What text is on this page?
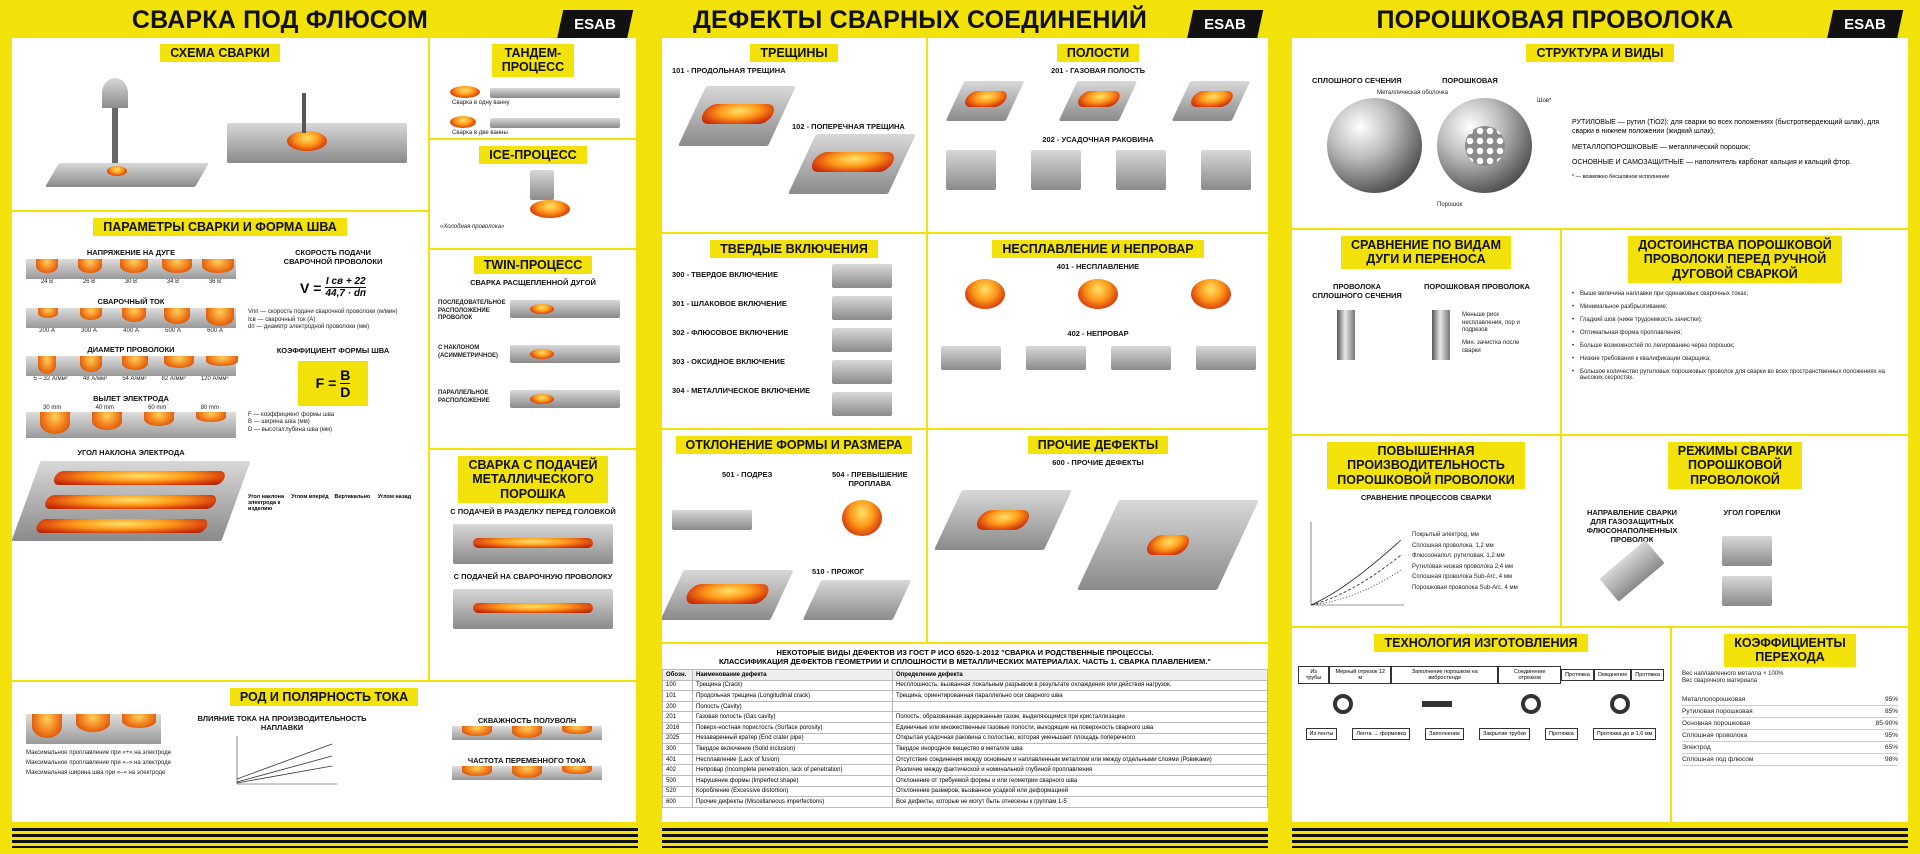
СВАРКА ПОД ФЛЮСОМ	ESAB
СХЕМА СВАРКИ	ТАНДЕМ-
ПРОЦЕСС
Сварка в одну ванну
Сварка в две ванны
ICE-ПРОЦЕСС
«Холодная проволока»
TWIN-ПРОЦЕСС
СВАРКА РАСЩЕПЛЕННОЙ ДУГОЙ
ПОСЛЕДОВАТЕЛЬНОЕ РАСПОЛОЖЕНИЕ ПРОВОЛОК
С НАКЛОНОМ (АСИММЕТРИЧНОЕ)
ПАРАЛЛЕЛЬНОЕ РАСПОЛОЖЕНИЕ
ПАРАМЕТРЫ СВАРКИ И ФОРМА ШВА
НАПРЯЖЕНИЕ НА ДУГЕ
24 В	26 В	30 В	34 В	36 В
СВАРОЧНЫЙ ТОК
200 А	300 А	400 А	500 А	600 А
ДИАМЕТР ПРОВОЛОКИ
5 – 32 А/мм²	48 А/мм²	54 А/мм²	82 А/мм²	120 А/мм²
ВЫЛЕТ ЭЛЕКТРОДА
30 mm	40 mm	60 mm	80 mm
УГОЛ НАКЛОНА ЭЛЕКТРОДА
СКОРОСТЬ ПОДАЧИ
СВАРОЧНОЙ ПРОВОЛОКИ
V = I св + 22
44,7 · dп
Vпп — скорость подачи сварочной проволоки (м/мин)
Iсв — сварочный ток (А)
dп — диаметр электродной проволоки (мм)
КОЭФФИЦИЕНТ ФОРМЫ ШВА
$F = \frac{B}{D}$
F — коэффициент формы шва
B — ширина шва (мм)
D — высота/глубина шва (мм)
Угол наклона электрода к изделию
Углом вперёд	Вертикально	Углом назад
СВАРКА С ПОДАЧЕЙ
МЕТАЛЛИЧЕСКОГО
ПОРОШКА
С ПОДАЧЕЙ В РАЗДЕЛКУ ПЕРЕД ГОЛОВКОЙ
С ПОДАЧЕЙ НА СВАРОЧНУЮ ПРОВОЛОКУ
РОД И ПОЛЯРНОСТЬ ТОКА
Максимальное проплавление при «+» на электроде
Максимальное проплавление при «–» на электроде
Максимальная ширина шва при «–» на электроде
ВЛИЯНИЕ ТОКА НА ПРОИЗВОДИТЕЛЬНОСТЬ
НАПЛАВКИ
СКВАЖНОСТЬ ПОЛУВОЛН
ЧАСТОТА ПЕРЕМЕННОГО ТОКА
ДЕФЕКТЫ СВАРНЫХ СОЕДИНЕНИЙ	ESAB
ТРЕЩИНЫ
101 - ПРОДОЛЬНАЯ ТРЕЩИНА
102 - ПОПЕРЕЧНАЯ ТРЕЩИНА
ПОЛОСТИ
201 - ГАЗОВАЯ ПОЛОСТЬ
202 - УСАДОЧНАЯ РАКОВИНА
ТВЕРДЫЕ ВКЛЮЧЕНИЯ
300 - ТВЕРДОЕ ВКЛЮЧЕНИЕ
301 - ШЛАКОВОЕ ВКЛЮЧЕНИЕ
302 - ФЛЮСОВОЕ ВКЛЮЧЕНИЕ
303 - ОКСИДНОЕ ВКЛЮЧЕНИЕ
304 - МЕТАЛЛИЧЕСКОЕ ВКЛЮЧЕНИЕ
НЕСПЛАВЛЕНИЕ И НЕПРОВАР
401 - НЕСПЛАВЛЕНИЕ
402 - НЕПРОВАР
ОТКЛОНЕНИЕ ФОРМЫ И РАЗМЕРА
501 - ПОДРЕЗ	504 - ПРЕВЫШЕНИЕ
ПРОПЛАВА
510 - ПРОЖОГ
ПРОЧИЕ ДЕФЕКТЫ
600 - ПРОЧИЕ ДЕФЕКТЫ
НЕКОТОРЫЕ ВИДЫ ДЕФЕКТОВ ИЗ ГОСТ Р ИСО 6520-1-2012 "СВАРКА И РОДСТВЕННЫЕ ПРОЦЕССЫ.
КЛАССИФИКАЦИЯ ДЕФЕКТОВ ГЕОМЕТРИИ И СПЛОШНОСТИ В МЕТАЛЛИЧЕСКИХ МАТЕРИАЛАХ. ЧАСТЬ 1. СВАРКА ПЛАВЛЕНИЕМ."
Обозн.	Наименование дефекта	Определение дефекта
100	Трещина (Crack)	Несплошность, вызванная локальным разрывом в результате охлаждения или действия нагрузок.
101	Продольная трещина (Longitudinal crack)	Трещина, ориентированная параллельно оси сварного шва
200	Полость (Cavity)	
201	Газовая полость (Gas cavity)	Полость, образованная задержанным газом, выделяющимся при кристаллизации
2016	Поверх-ностная пористость (Surface porosity)	Единичные или множественные газовые полости, выходящие на поверхность сварного шва
2025	Незаваренный кратер (End crater pipe)	Открытая усадочная раковина с полостью, которая уменьшает площадь поперечного
300	Твердое включение (Solid inclusion)	Твердое инородное вещество в металле шва
401	Несплавление (Lack of fusion)	Отсутствие соединения между основным и наплавленным металлом или между отдельными слоями (Ровиками)
402	Непровар (Incomplete penetration, lack of penetration)	Различие между фактической и номинальной глубиной проплавления
500	Нарушение формы (Imperfect shape)	Отклонение от требуемой формы и или геометрии сварного шва
520	Коробление (Excessive distortion)	Отклонение размеров, вызванное усадкой или деформацией
600	Прочие дефекты (Miscellaneous imperfections)	Все дефекты, которые не могут быть отнесены к группам 1-5
ПОРОШКОВАЯ ПРОВОЛОКА	ESAB
СТРУКТУРА И ВИДЫ
СПЛОШНОГО СЕЧЕНИЯ	ПОРОШКОВАЯ
Металлическая оболочка
Шов*
Порошок

РУТИЛОВЫЕ — рутил (TiO2): для сварки во всех положениях (быстротвердеющий шлак), для сварки в нижнем положении (жидкий шлак);

МЕТАЛЛОПОРОШКОВЫЕ — металлический порошок;

ОСНОВНЫЕ И САМОЗАЩИТНЫЕ — наполнитель карбонат кальция и кальций фтор.

* — возможно бесшовное исполнение

СРАВНЕНИЕ ПО ВИДАМ
ДУГИ И ПЕРЕНОСА
ПРОВОЛОКА
СПЛОШНОГО СЕЧЕНИЯ
ПОРОШКОВАЯ ПРОВОЛОКА
Меньше риск несплавления, пор и подрезов
Мин. зачистка после сварки
ДОСТОИНСТВА ПОРОШКОВОЙ
ПРОВОЛОКИ ПЕРЕД РУЧНОЙ
ДУГОВОЙ СВАРКОЙ
• Выше величина наплавки при одинаковых сварочных токах;
• Минимальное разбрызгивание;
• Гладкий шов (ниже трудоемкость зачистки);
• Оптимальная форма проплавления;
• Больше возможностей по легированию через порошок;
• Низкие требования к квалификации сварщика;
• Большое количество рутиловых порошковых проволок для сварки во всех пространственных положениях на высоких скоростях.
ПОВЫШЕННАЯ
ПРОИЗВОДИТЕЛЬНОСТЬ
ПОРОШКОВОЙ ПРОВОЛОКИ
СРАВНЕНИЕ ПРОЦЕССОВ СВАРКИ
Покрытый электрод, мм
Сплошная проволока, 1,2 мм
Флюсоонапол. рутиловая, 1,2 мм
Рутиловая низкая проволока 2,4 мм
Сплошная проволока Sub-Arc, 4 мм
Порошковая проволока Sub-Arc, 4 мм
РЕЖИМЫ СВАРКИ
ПОРОШКОВОЙ
ПРОВОЛОКОЙ
НАПРАВЛЕНИЕ СВАРКИ
ДЛЯ ГАЗОЗАЩИТНЫХ
ФЛЮСОНАПОЛНЕННЫХ
ПРОВОЛОК
УГОЛ ГОРЕЛКИ
ТЕХНОЛОГИЯ ИЗГОТОВЛЕНИЯ
Из трубы
Мерный отрезок 12 м
Заполнение порошком на вибростенде
Соединение отрезков	Протяжка	Омеднение	Протяжка
Из ленты	Лента → формовка	Заполнение	Закрытие трубки	Протяжка	Протяжка до ø 1,6 мм
КОЭФФИЦИЕНТЫ
ПЕРЕХОДА
Вес наплавленного металла × 100%
Вес сварочного материала
Металлопорошковая	95%
Рутиловая порошковая	85%
Основная порошковая	85-90%
Сплошная проволока	95%
Электрод	65%
Сплошная под флюсом	98%
